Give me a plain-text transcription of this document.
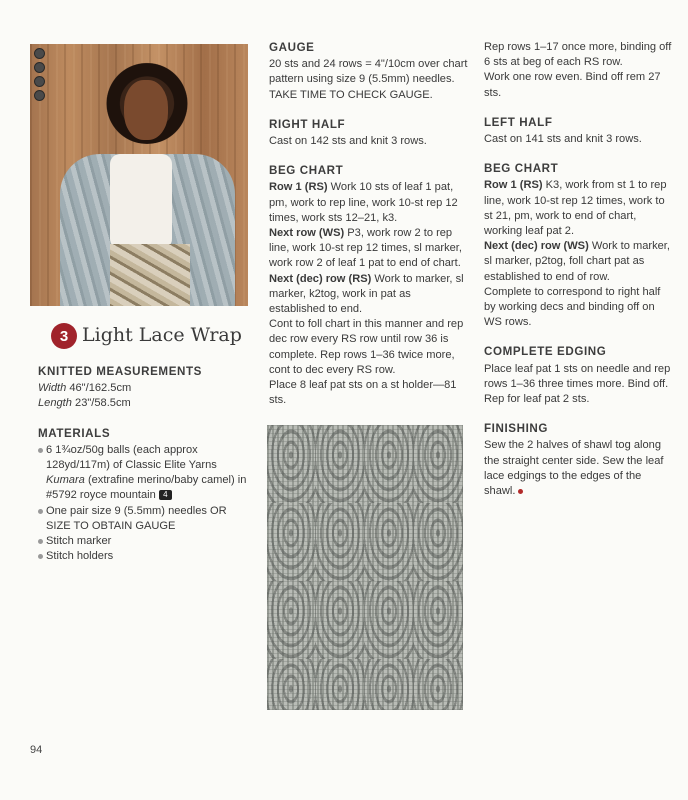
3 Light Lace Wrap
KNITTED MEASUREMENTS

Width 46"/162.5cm

Length 23"/58.5cm

MATERIALS
6 1¾oz/50g balls (each approx 128yd/117m) of Classic Elite Yarns Kumara (extrafine merino/baby camel) in #5792 royce mountain 4
One pair size 9 (5.5mm) needles OR SIZE TO OBTAIN GAUGE
Stitch marker
Stitch holders
GAUGE

20 sts and 24 rows = 4"/10cm over chart pattern using size 9 (5.5mm) needles.

TAKE TIME TO CHECK GAUGE.

RIGHT HALF

Cast on 142 sts and knit 3 rows.

BEG CHART

Row 1 (RS) Work 10 sts of leaf 1 pat, pm, work to rep line, work 10-st rep 12 times, work sts 12–21, k3.

Next row (WS) P3, work row 2 to rep line, work 10-st rep 12 times, sl marker, work row 2 of leaf 1 pat to end of chart.

Next (dec) row (RS) Work to marker, sl marker, k2tog, work in pat as established to end.

Cont to foll chart in this manner and rep dec row every RS row until row 36 is complete. Rep rows 1–36 twice more, cont to dec every RS row.

Place 8 leaf pat sts on a st holder—81 sts.

Rep rows 1–17 once more, binding off 6 sts at beg of each RS row.

Work one row even. Bind off rem 27 sts.

LEFT HALF

Cast on 141 sts and knit 3 rows.

BEG CHART

Row 1 (RS) K3, work from st 1 to rep line, work 10-st rep 12 times, work to st 21, pm, work to end of chart, working leaf pat 2.

Next (dec) row (WS) Work to marker, sl marker, p2tog, foll chart pat as established to end of row.

Complete to correspond to right half by working decs and binding off on WS rows.

COMPLETE EDGING

Place leaf pat 1 sts on needle and rep rows 1–36 three times more. Bind off. Rep for leaf pat 2 sts.

FINISHING

Sew the 2 halves of shawl tog along the straight center side. Sew the leaf lace edgings to the edges of the shawl.

94
